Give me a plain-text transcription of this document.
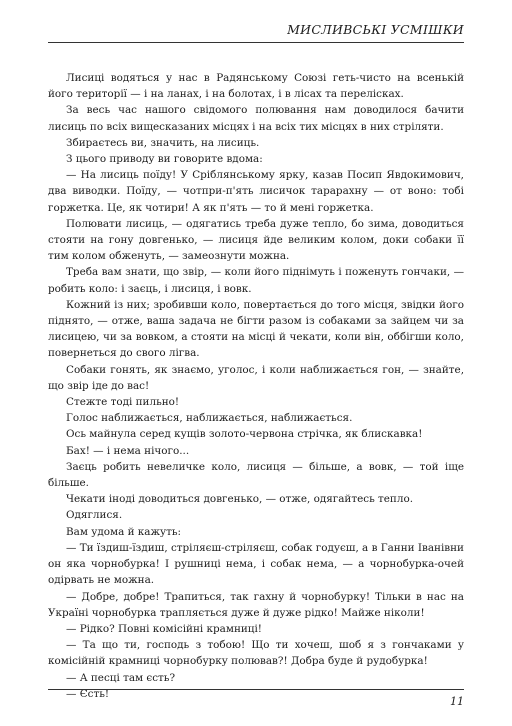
МИСЛИВСЬКІ УСМІШКИ

Лисиці водяться у нас в Радянському Союзі геть-чисто на всенькій його території — і на ланах, і на болотах, і в лісах та перелісках.

За весь час нашого свідомого полювання нам доводилося бачити лисиць по всіх вищесказаних місцях і на всіх тих місцях в них стріляти.

Збираєтесь ви, значить, на лисиць.

З цього приводу ви говорите вдома:

— На лисиць поїду! У Сріблянському ярку, казав Посип Явдокимович, два виводки. Поїду, — чотпри-п'ять лисичок тарарахну — от воно: тобі горжетка. Це, як чотири! А як п'ять — то й мені горжетка.

Полювати лисиць, — одягатись треба дуже тепло, бо зима, доводиться стояти на гону довгенько, — лисиця йде великим колом, доки собаки її тим колом обженуть, — замеознути можна.

Треба вам знати, що звір, — коли його піднімуть і поженуть гончаки, — робить коло: і заєць, і лисиця, і вовк.

Кожний із них; зробивши коло, повертається до того місця, звідки його піднято, — отже, ваша задача не бігти разом із собаками за зайцем чи за лисицею, чи за вовком, а стояти на місці й чекати, коли він, оббігши коло, повернеться до свого лігва.

Собаки гонять, як знаємо, уголос, і коли наближається гон, — знайте, що звір іде до вас!

Стежте тоді пильно!

Голос наближається, наближається, наближається.

Ось майнула серед кущів золото-червона стрічка, як блискавка!

Бах! — і нема нічого...

Заєць робить невеличке коло, лисиця — більше, а вовк, — той іще більше.

Чекати іноді доводиться довгенько, — отже, одягайтесь тепло.

Одяглися.

Вам удома й кажуть:

— Ти їздиш-їздиш, стріляєш-стріляєш, собак годуєш, а в Ганни Іванівни он яка чорнобурка! І рушниці нема, і собак нема, — а чорнобурка-очей одірвать не можна.

— Добре, добре! Трапиться, так гахну й чорнобурку! Тільки в нас на Україні чорнобурка трапляється дуже й дуже рідко! Майже ніколи!

— Рідко? Повні комісійні крамниці!

— Та що ти, господь з тобою! Що ти хочеш, шоб я з гончаками у комісійній крамниці чорнобурку полював?! Добра буде й рудобурка!

— А песці там єсть?

— Єсть!

11
